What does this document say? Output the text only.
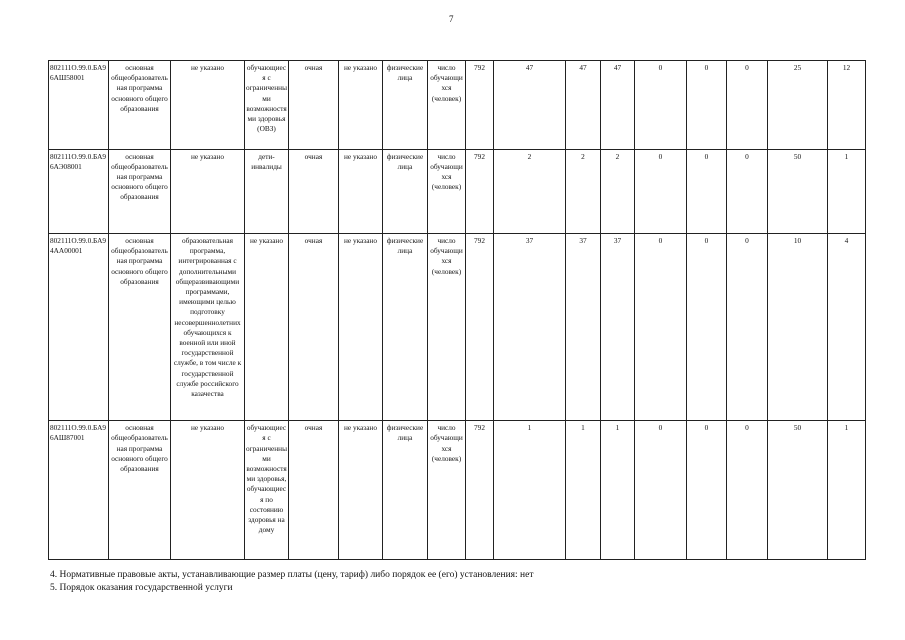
7
802111О.99.0.БА96АШ58001	основная общеобразовательная программа основного общего образования	не указано	обучающиеся с ограниченными возможностями здоровья (ОВЗ)	очная	не указано	физические лица	число обучающихся (человек)	792	47	47	47	0	0	0	25	12
802111О.99.0.БА96АЭ08001	основная общеобразовательная программа основного общего образования	не указано	дети-инвалиды	очная	не указано	физические лица	число обучающихся (человек)	792	2	2	2	0	0	0	50	1
802111О.99.0.БА94АА00001	основная общеобразовательная программа основного общего образования	образовательная программа, интегрированная с дополнительными общеразвивающими программами, имеющими целью подготовку несовершеннолетних обучающихся к военной или иной государственной службе, в том числе к государственной службе российского казачества	не указано	очная	не указано	физические лица	число обучающихся (человек)	792	37	37	37	0	0	0	10	4
802111О.99.0.БА96АШ87001	основная общеобразовательная программа основного общего образования	не указано	обучающиеся с ограниченными возможностями здоровья, обучающиеся по состоянию здоровья на дому	очная	не указано	физические лица	число обучающихся (человек)	792	1	1	1	0	0	0	50	1
4. Нормативные правовые акты, устанавливающие размер платы (цену, тариф) либо порядок ее (его) установления: нет
5. Порядок оказания государственной услуги
